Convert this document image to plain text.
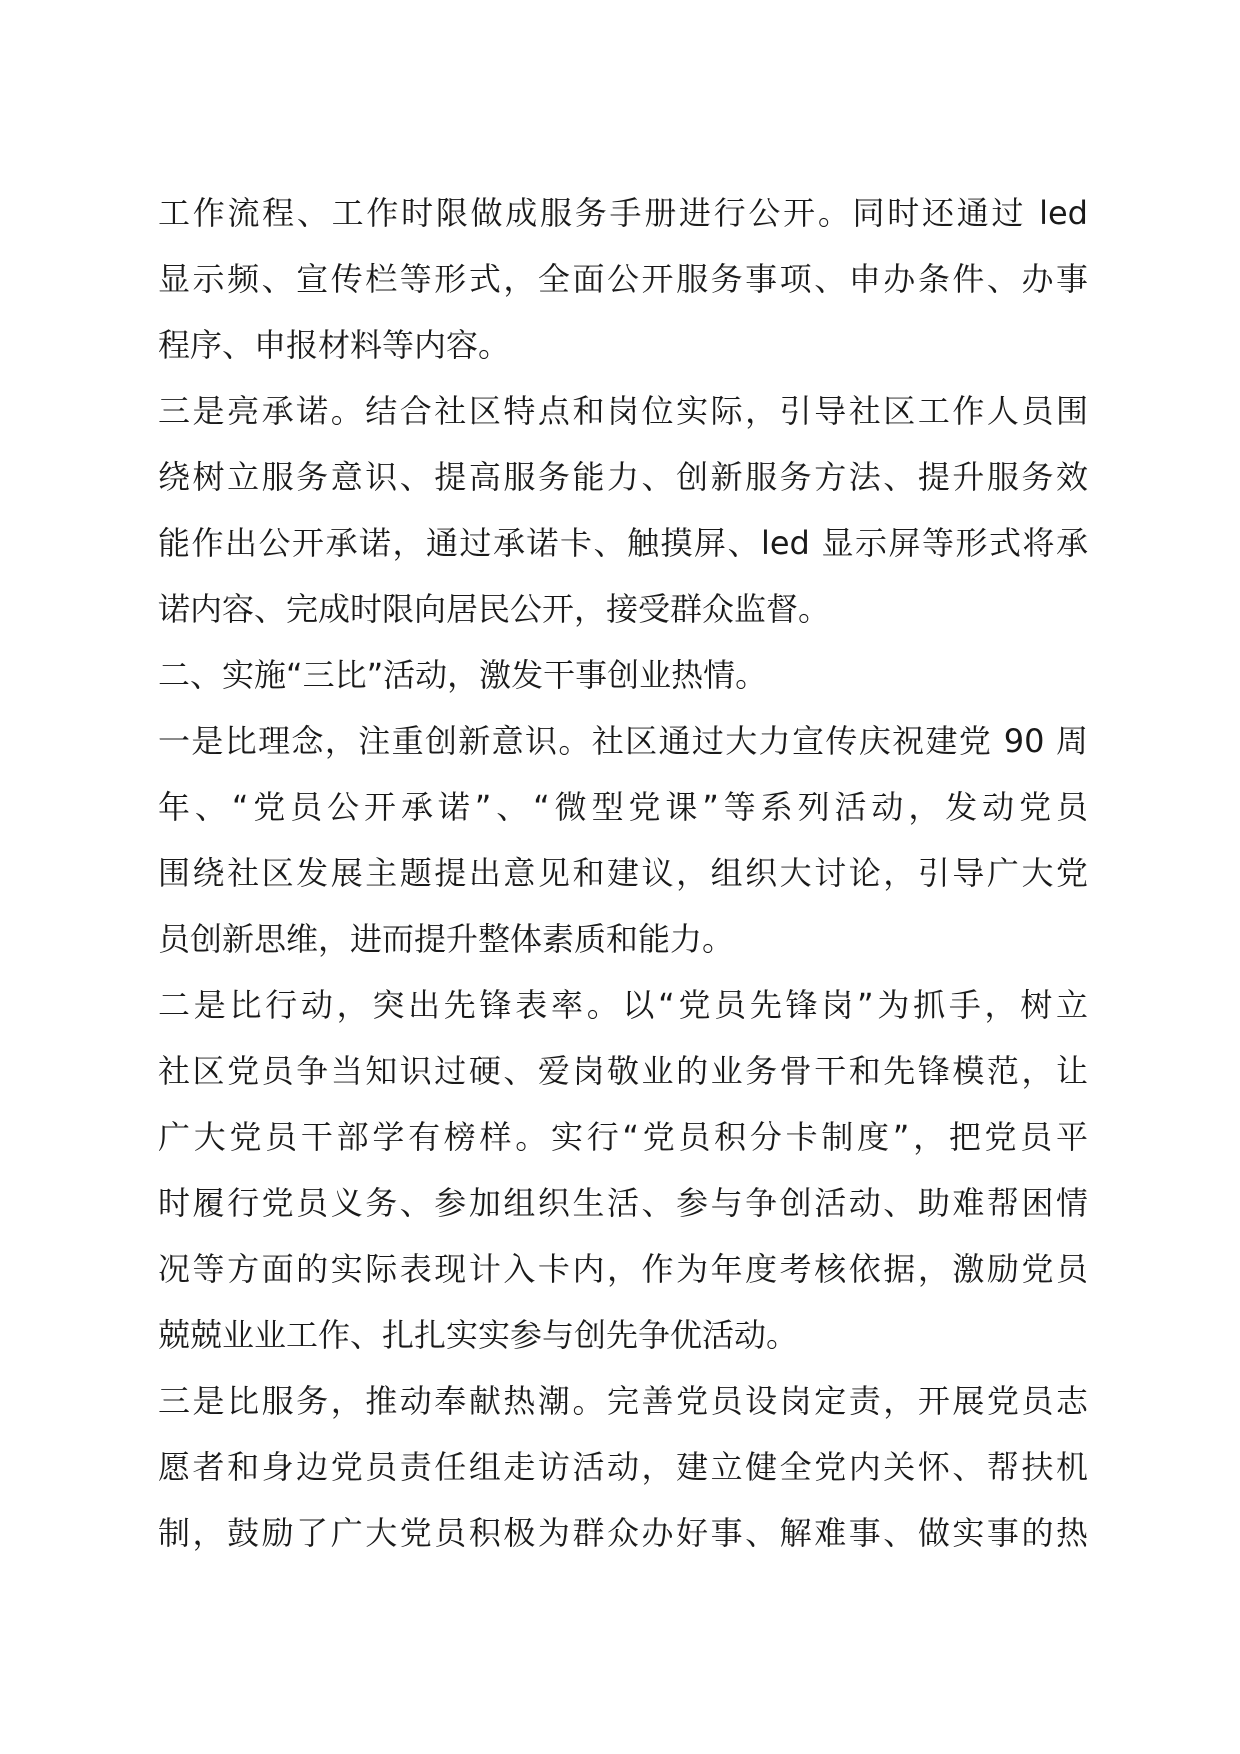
工作流程、工作时限做成服务手册进行公开。同时还通过 led
显示频、宣传栏等形式，全面公开服务事项、申办条件、办事
程序、申报材料等内容。
三是亮承诺。结合社区特点和岗位实际，引导社区工作人员围
绕树立服务意识、提高服务能力、创新服务方法、提升服务效
能作出公开承诺，通过承诺卡、触摸屏、led 显示屏等形式将承
诺内容、完成时限向居民公开，接受群众监督。
二、实施“三比”活动，激发干事创业热情。
一是比理念，注重创新意识。社区通过大力宣传庆祝建党 90 周
年、“党员公开承诺”、“微型党课”等系列活动，发动党员
围绕社区发展主题提出意见和建议，组织大讨论，引导广大党
员创新思维，进而提升整体素质和能力。
二是比行动，突出先锋表率。以“党员先锋岗”为抓手，树立
社区党员争当知识过硬、爱岗敬业的业务骨干和先锋模范，让
广大党员干部学有榜样。实行“党员积分卡制度”，把党员平
时履行党员义务、参加组织生活、参与争创活动、助难帮困情
况等方面的实际表现计入卡内，作为年度考核依据，激励党员
兢兢业业工作、扎扎实实参与创先争优活动。
三是比服务，推动奉献热潮。完善党员设岗定责，开展党员志
愿者和身边党员责任组走访活动，建立健全党内关怀、帮扶机
制，鼓励了广大党员积极为群众办好事、解难事、做实事的热
